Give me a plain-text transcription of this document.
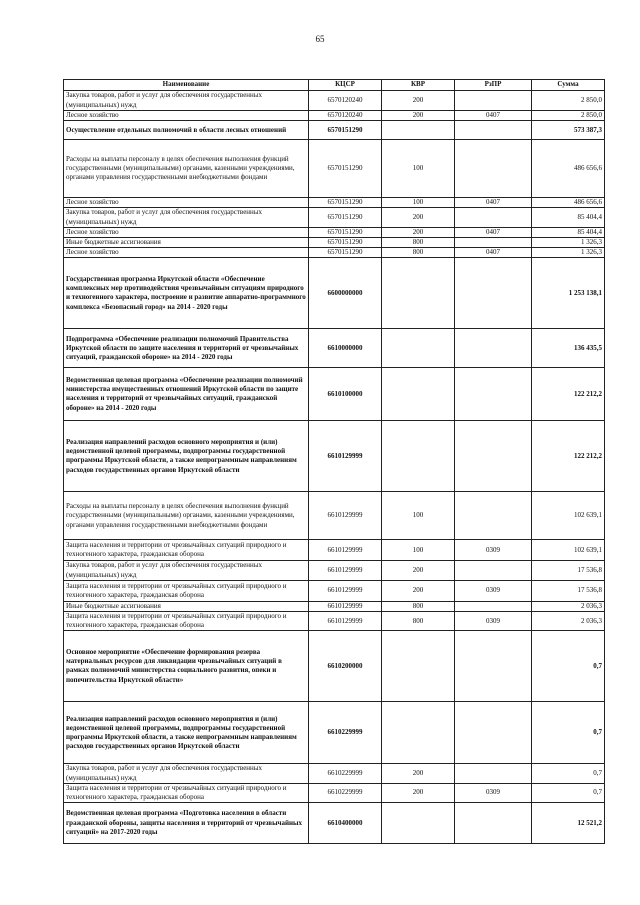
65
Наименование	КЦСР	КВР	РзПР	Сумма
Закупка товаров, работ и услуг для обеспечения государственных (муниципальных) нужд	6570120240	200		2 850,0
Лесное хозяйство	6570120240	200	0407	2 850,0
Осуществление отдельных полномочий в области лесных отношений	6570151290			573 387,3
Расходы на выплаты персоналу в целях обеспечения выполнения функций государственными (муниципальными) органами, казенными учреждениями, органами управления государственными внебюджетными фондами	6570151290	100		486 656,6
Лесное хозяйство	6570151290	100	0407	486 656,6
Закупка товаров, работ и услуг для обеспечения государственных (муниципальных) нужд	6570151290	200		85 404,4
Лесное хозяйство	6570151290	200	0407	85 404,4
Иные бюджетные ассигнования	6570151290	800		1 326,3
Лесное хозяйство	6570151290	800	0407	1 326,3
Государственная программа Иркутской области «Обеспечение комплексных мер противодействия чрезвычайным ситуациям природного и техногенного характера, построение и развитие аппаратно-программного комплекса «Безопасный город» на 2014 - 2020 годы	6600000000			1 253 138,1
Подпрограмма «Обеспечение реализации полномочий Правительства Иркутской области по защите населения и территорий от чрезвычайных ситуаций, гражданской обороне» на 2014 - 2020 годы	6610000000			136 435,5
Ведомственная целевая программа «Обеспечение реализации полномочий министерства имущественных отношений Иркутской области по защите населения и территорий от чрезвычайных ситуаций, гражданской обороне» на 2014 - 2020 годы	6610100000			122 212,2
Реализация направлений расходов основного мероприятия и (или) ведомственной целевой программы, подпрограммы государственной программы Иркутской области, а также непрограммным направлениям расходов государственных органов Иркутской области	6610129999			122 212,2
Расходы на выплаты персоналу в целях обеспечения выполнения функций государственными (муниципальными) органами, казенными учреждениями, органами управления государственными внебюджетными фондами	6610129999	100		102 639,1
Защита населения и территории от чрезвычайных ситуаций природного и техногенного характера, гражданская оборона	6610129999	100	0309	102 639,1
Закупка товаров, работ и услуг для обеспечения государственных (муниципальных) нужд	6610129999	200		17 536,8
Защита населения и территории от чрезвычайных ситуаций природного и техногенного характера, гражданская оборона	6610129999	200	0309	17 536,8
Иные бюджетные ассигнования	6610129999	800		2 036,3
Защита населения и территории от чрезвычайных ситуаций природного и техногенного характера, гражданская оборона	6610129999	800	0309	2 036,3
Основное мероприятие «Обеспечение формирования резерва материальных ресурсов для ликвидации чрезвычайных ситуаций в рамках полномочий министерства социального развития, опеки и попечительства Иркутской области»	6610200000			0,7
Реализация направлений расходов основного мероприятия и (или) ведомственной целевой программы, подпрограммы государственной программы Иркутской области, а также непрограммным направлениям расходов государственных органов Иркутской области	6610229999			0,7
Закупка товаров, работ и услуг для обеспечения государственных (муниципальных) нужд	6610229999	200		0,7
Защита населения и территории от чрезвычайных ситуаций природного и техногенного характера, гражданская оборона	6610229999	200	0309	0,7
Ведомственная целевая программа «Подготовка населения в области гражданской обороны, защиты населения и территорий от чрезвычайных ситуаций» на 2017-2020 годы	6610400000			12 521,2
